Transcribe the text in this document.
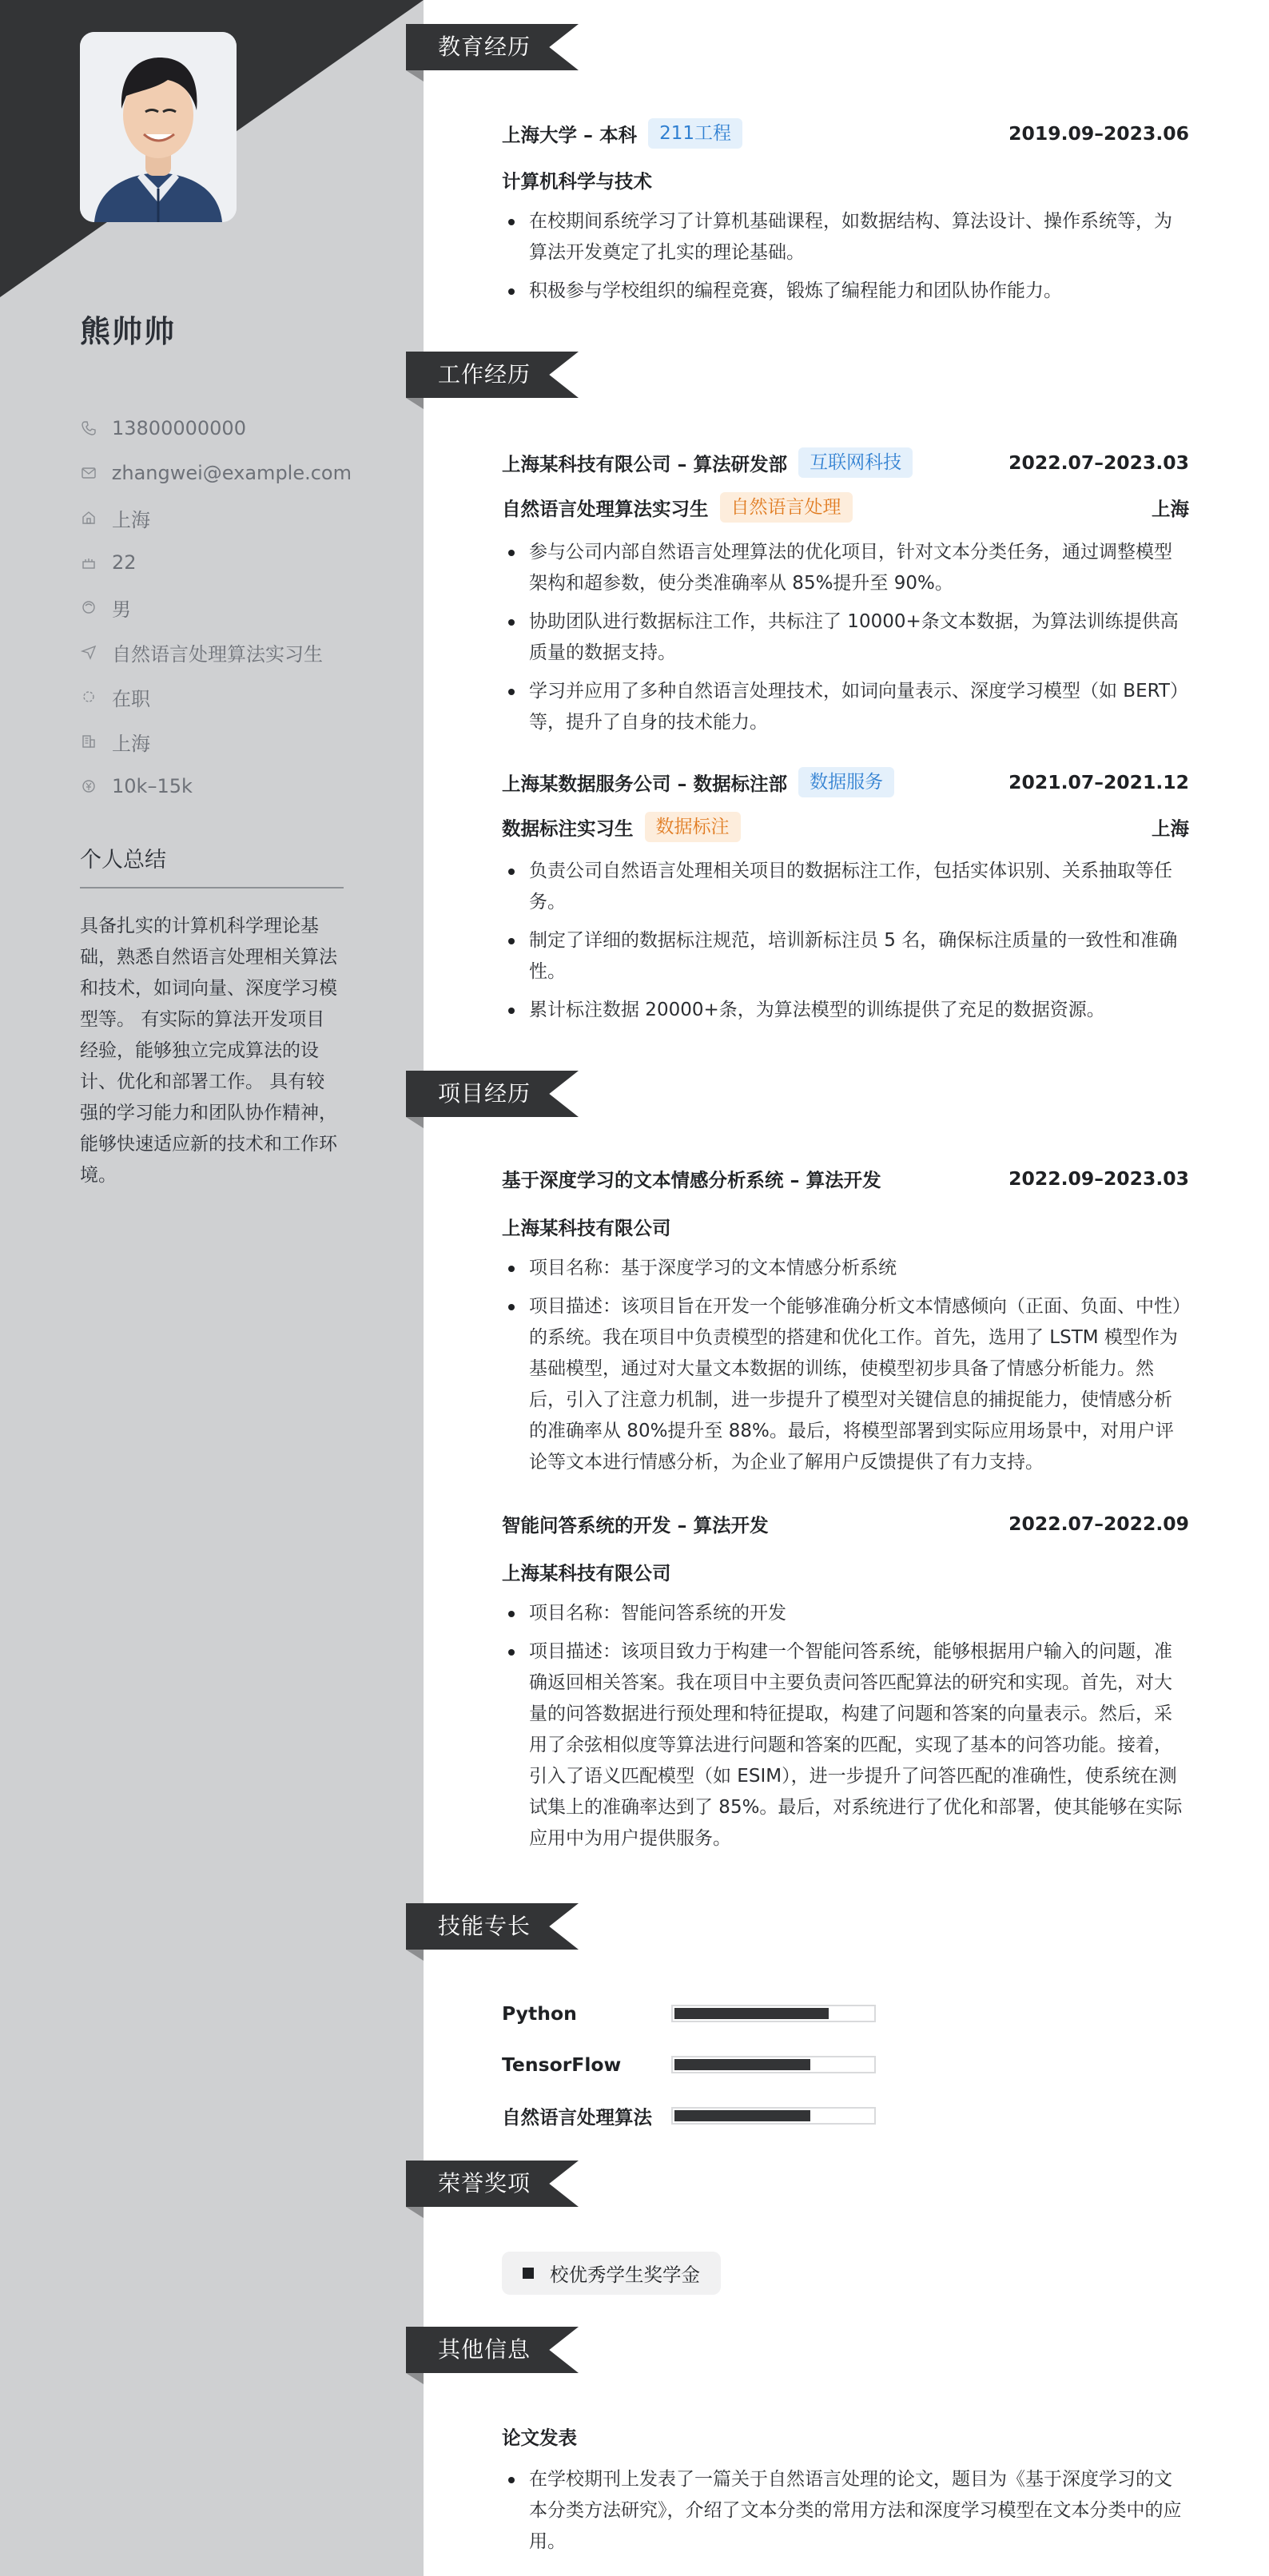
熊帅帅
13800000000
zhangwei@example.com
上海
22
男
自然语言处理算法实习生
在职
上海
10k–15k
个人总结
具备扎实的计算机科学理论基础，熟悉自然语言处理相关算法和技术，如词向量、深度学习模型等。 有实际的算法开发项目经验，能够独立完成算法的设计、优化和部署工作。 具有较强的学习能力和团队协作精神，能够快速适应新的技术和工作环境。
教育经历
上海大学 – 本科	211工程	2019.09–2023.06
计算机科学与技术
在校期间系统学习了计算机基础课程，如数据结构、算法设计、操作系统等，为算法开发奠定了扎实的理论基础。
积极参与学校组织的编程竞赛，锻炼了编程能力和团队协作能力。
工作经历
上海某科技有限公司 – 算法研发部	互联网科技	2022.07–2023.03
自然语言处理算法实习生	自然语言处理	上海
参与公司内部自然语言处理算法的优化项目，针对文本分类任务，通过调整模型架构和超参数，使分类准确率从 85%提升至 90%。
协助团队进行数据标注工作，共标注了 10000+条文本数据，为算法训练提供高质量的数据支持。
学习并应用了多种自然语言处理技术，如词向量表示、深度学习模型（如 BERT）等，提升了自身的技术能力。
上海某数据服务公司 – 数据标注部	数据服务	2021.07–2021.12
数据标注实习生	数据标注	上海
负责公司自然语言处理相关项目的数据标注工作，包括实体识别、关系抽取等任务。
制定了详细的数据标注规范，培训新标注员 5 名，确保标注质量的一致性和准确性。
累计标注数据 20000+条，为算法模型的训练提供了充足的数据资源。
项目经历
基于深度学习的文本情感分析系统 – 算法开发	2022.09–2023.03
上海某科技有限公司
项目名称：基于深度学习的文本情感分析系统
项目描述：该项目旨在开发一个能够准确分析文本情感倾向（正面、负面、中性）的系统。我在项目中负责模型的搭建和优化工作。首先，选用了 LSTM 模型作为基础模型，通过对大量文本数据的训练，使模型初步具备了情感分析能力。然后，引入了注意力机制，进一步提升了模型对关键信息的捕捉能力，使情感分析的准确率从 80%提升至 88%。最后，将模型部署到实际应用场景中，对用户评论等文本进行情感分析，为企业了解用户反馈提供了有力支持。
智能问答系统的开发 – 算法开发	2022.07–2022.09
上海某科技有限公司
项目名称：智能问答系统的开发
项目描述：该项目致力于构建一个智能问答系统，能够根据用户输入的问题，准确返回相关答案。我在项目中主要负责问答匹配算法的研究和实现。首先，对大量的问答数据进行预处理和特征提取，构建了问题和答案的向量表示。然后，采用了余弦相似度等算法进行问题和答案的匹配，实现了基本的问答功能。接着，引入了语义匹配模型（如 ESIM），进一步提升了问答匹配的准确性，使系统在测试集上的准确率达到了 85%。最后，对系统进行了优化和部署，使其能够在实际应用中为用户提供服务。
技能专长
Python
TensorFlow
自然语言处理算法
荣誉奖项
校优秀学生奖学金
其他信息
论文发表
在学校期刊上发表了一篇关于自然语言处理的论文，题目为《基于深度学习的文本分类方法研究》，介绍了文本分类的常用方法和深度学习模型在文本分类中的应用。
